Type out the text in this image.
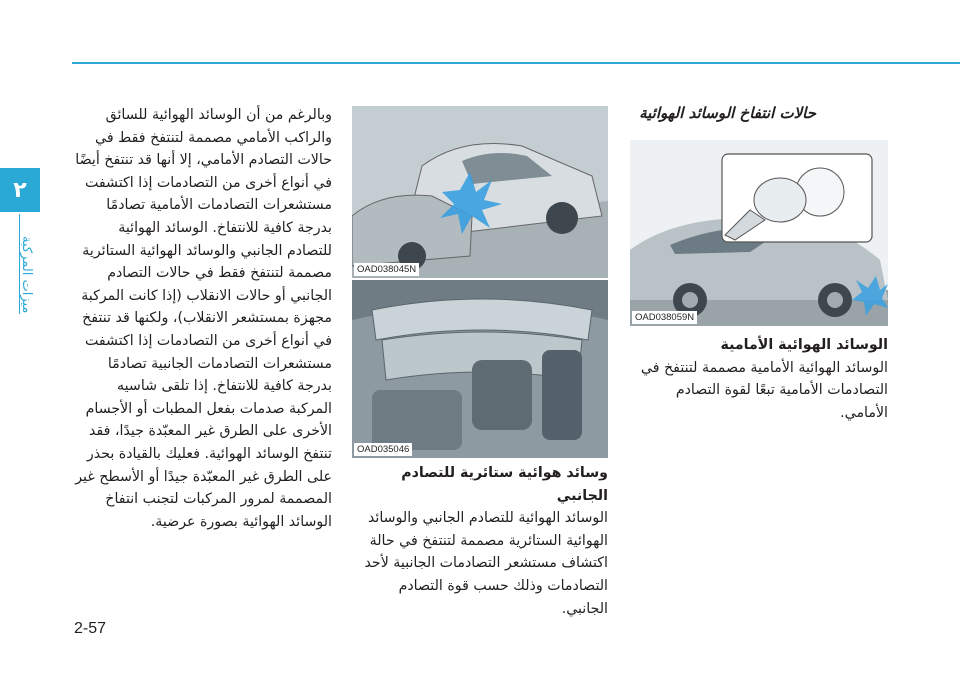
٢
ميزات المركبة
حالات انتفاخ الوسائد الهوائية
OAD038059N

الوسائد الهوائية الأمامية

الوسائد الهوائية الأمامية مصممة لتنتفخ في التصادمات الأمامية تبعًا لقوة التصادم الأمامي.

OAD038045N
OAD035046

وسائد هوائية ستائرية للتصادم الجانبي

الوسائد الهوائية للتصادم الجانبي والوسائد الهوائية الستائرية مصممة لتنتفخ في حالة اكتشاف مستشعر التصادمات الجانبية لأحد التصادمات وذلك حسب قوة التصادم الجانبي.

وبالرغم من أن الوسائد الهوائية للسائق والراكب الأمامي مصممة لتنتفخ فقط في حالات التصادم الأمامي، إلا أنها قد تنتفخ أيضًا في أنواع أخرى من التصادمات إذا اكتشفت مستشعرات التصادمات الأمامية تصادمًا بدرجة كافية للانتفاخ. الوسائد الهوائية للتصادم الجانبي والوسائد الهوائية الستائرية مصممة لتنتفخ فقط في حالات التصادم الجانبي أو حالات الانقلاب (إذا كانت المركبة مجهزة بمستشعر الانقلاب)، ولكنها قد تنتفخ في أنواع أخرى من التصادمات إذا اكتشفت مستشعرات التصادمات الجانبية تصادمًا بدرجة كافية للانتفاخ. إذا تلقى شاسيه المركبة صدمات بفعل المطبات أو الأجسام الأخرى على الطرق غير المعبّدة جيدًا، فقد تنتفخ الوسائد الهوائية. فعليك بالقيادة بحذر على الطرق غير المعبّدة جيدًا أو الأسطح غير المصممة لمرور المركبات لتجنب انتفاخ الوسائد الهوائية بصورة عرضية.

2-57
